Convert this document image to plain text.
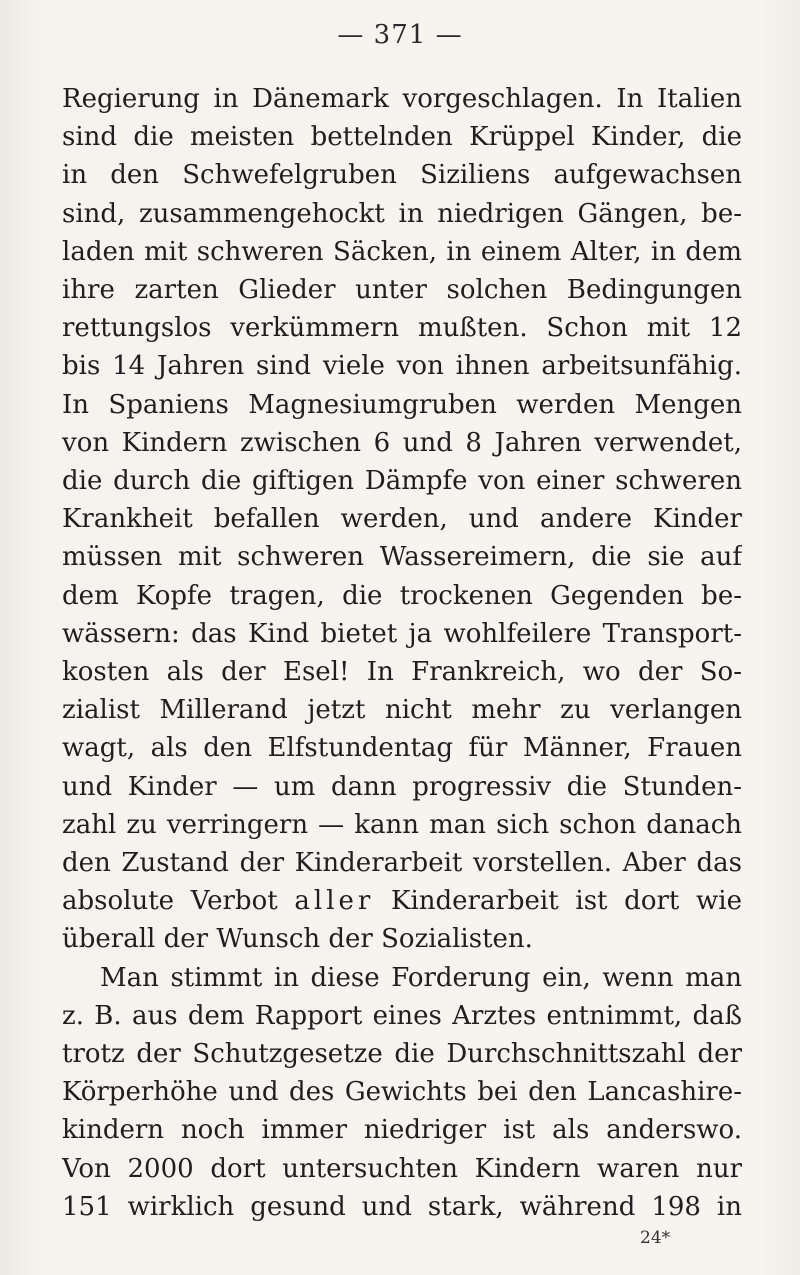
— 371 —
Regierung in Dänemark vorgeschlagen. In Italien
sind die meisten bettelnden Krüppel Kinder, die
in den Schwefelgruben Siziliens aufgewachsen
sind, zusammengehockt in niedrigen Gängen, be-
laden mit schweren Säcken, in einem Alter, in dem
ihre zarten Glieder unter solchen Bedingungen
rettungslos verkümmern mußten. Schon mit 12
bis 14 Jahren sind viele von ihnen arbeitsunfähig.
In Spaniens Magnesiumgruben werden Mengen
von Kindern zwischen 6 und 8 Jahren verwendet,
die durch die giftigen Dämpfe von einer schweren
Krankheit befallen werden, und andere Kinder
müssen mit schweren Wassereimern, die sie auf
dem Kopfe tragen, die trockenen Gegenden be-
wässern: das Kind bietet ja wohlfeilere Transport-
kosten als der Esel! In Frankreich, wo der So-
zialist Millerand jetzt nicht mehr zu verlangen
wagt, als den Elfstundentag für Männer, Frauen
und Kinder — um dann progressiv die Stunden-
zahl zu verringern — kann man sich schon danach
den Zustand der Kinderarbeit vorstellen. Aber das
absolute Verbot aller Kinderarbeit ist dort wie
überall der Wunsch der Sozialisten.
Man stimmt in diese Forderung ein, wenn man
z. B. aus dem Rapport eines Arztes entnimmt, daß
trotz der Schutzgesetze die Durchschnittszahl der
Körperhöhe und des Gewichts bei den Lancashire-
kindern noch immer niedriger ist als anderswo.
Von 2000 dort untersuchten Kindern waren nur
151 wirklich gesund und stark, während 198 in
24*
